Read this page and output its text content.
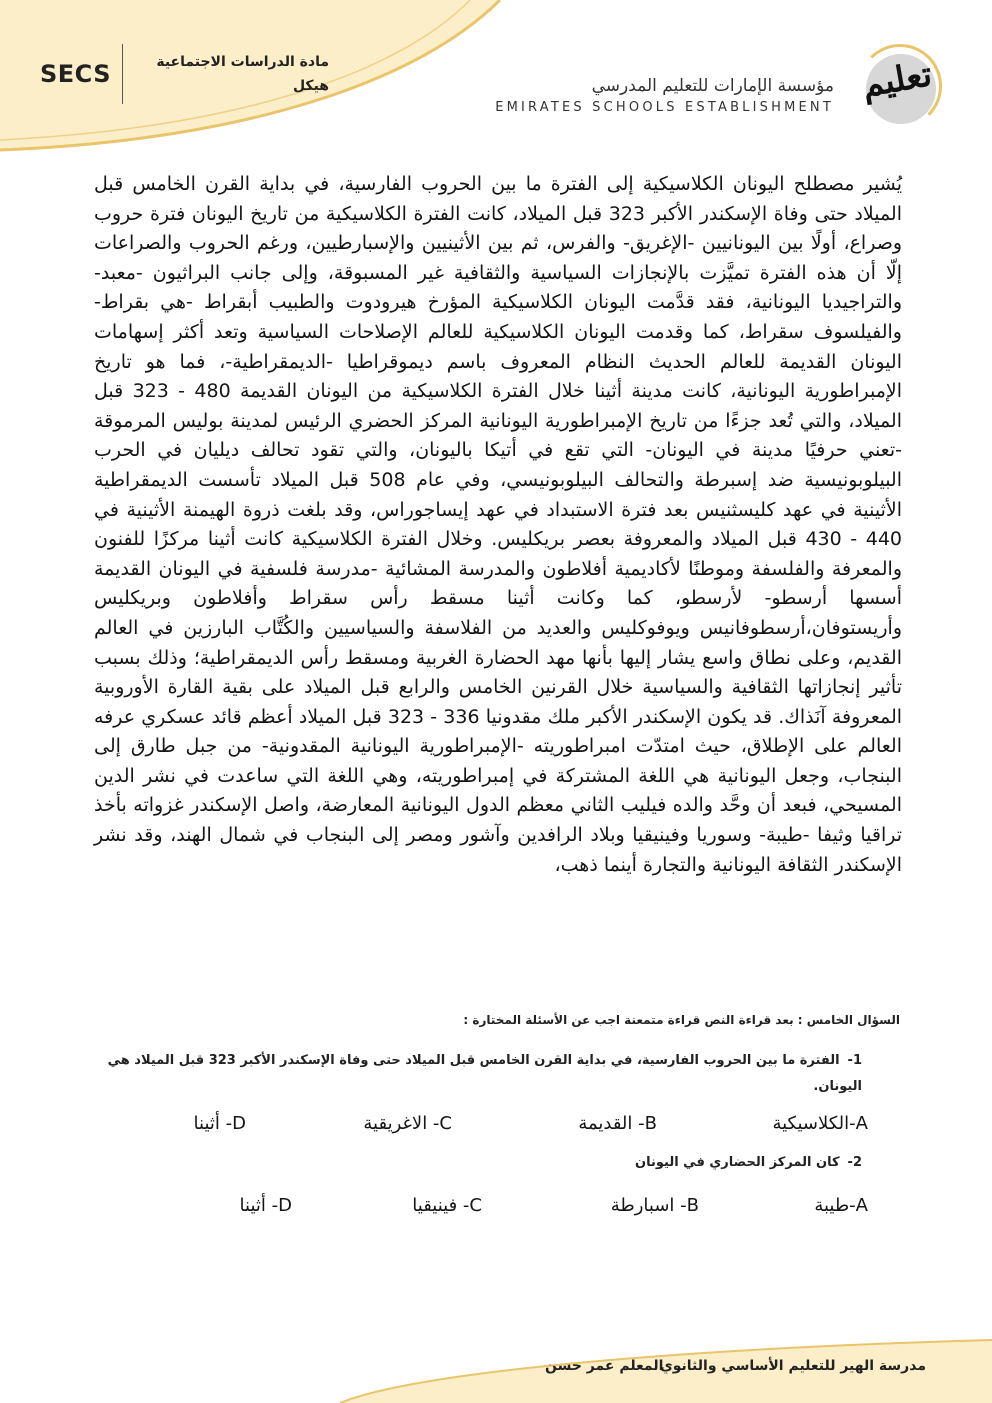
SECS	مادة الدراسات الاجتماعية
هيكل	تعليم
مؤسسة الإمارات للتعليم المدرسي
EMIRATES SCHOOLS ESTABLISHMENT

يُشير مصطلح اليونان الكلاسيكية إلى الفترة ما بين الحروب الفارسية، في بداية القرن الخامس قبل الميلاد حتى وفاة الإسكندر الأكبر 323 قبل الميلاد، كانت الفترة الكلاسيكية من تاريخ اليونان فترة حروب وصراع، أولًا بين اليونانيين -الإغريق- والفرس، ثم بين الأثينيين والإسبارطيين، ورغم الحروب والصراعات إلّا أن هذه الفترة تميَّزت بالإنجازات السياسية والثقافية غير المسبوقة، وإلى جانب البراثيون -معبد- والتراجيديا اليونانية، فقد قدَّمت اليونان الكلاسيكية المؤرخ هيرودوت والطبيب أبقراط -هي بقراط- والفيلسوف سقراط، كما وقدمت اليونان الكلاسيكية للعالم الإصلاحات السياسية وتعد أكثر إسهامات اليونان القديمة للعالم الحديث النظام المعروف باسم ديموقراطيا -الديمقراطية-، فما هو تاريخ الإمبراطورية اليونانية، كانت مدينة أثينا خلال الفترة الكلاسيكية من اليونان القديمة 480 - 323 قبل الميلاد، والتي تُعد جزءًا من تاريخ الإمبراطورية اليونانية المركز الحضري الرئيس لمدينة بوليس المرموقة -تعني حرفيًا مدينة في اليونان- التي تقع في أتيكا باليونان، والتي تقود تحالف ديليان في الحرب البيلوبونيسية ضد إسبرطة والتحالف البيلوبونيسي، وفي عام 508 قبل الميلاد تأسست الديمقراطية الأثينية في عهد كليسثنيس بعد فترة الاستبداد في عهد إيساجوراس، وقد بلغت ذروة الهيمنة الأثينية في 440 - 430 قبل الميلاد والمعروفة بعصر بريكليس. وخلال الفترة الكلاسيكية كانت أثينا مركزًا للفنون والمعرفة والفلسفة وموطنًا لأكاديمية أفلاطون والمدرسة المشائية -مدرسة فلسفية في اليونان القديمة أسسها أرسطو- لأرسطو، كما وكانت أثينا مسقط رأس سقراط وأفلاطون وبريكليس وأريستوفان،أرسطوفانيس ويوفوكليس والعديد من الفلاسفة والسياسيين والكُتَّاب البارزين في العالم القديم، وعلى نطاق واسع يشار إليها بأنها مهد الحضارة الغربية ومسقط رأس الديمقراطية؛ وذلك بسبب تأثير إنجازاتها الثقافية والسياسية خلال القرنين الخامس والرابع قبل الميلاد على بقية القارة الأوروبية المعروفة آنَذاك. قد يكون الإسكندر الأكبر ملك مقدونيا 336 - 323 قبل الميلاد أعظم قائد عسكري عرفه العالم على الإطلاق، حيث امتدّت امبراطوريته -الإمبراطورية اليونانية المقدونية- من جبل طارق إلى البنجاب، وجعل اليونانية هي اللغة المشتركة في إمبراطوريته، وهي اللغة التي ساعدت في نشر الدين المسيحي، فبعد أن وحَّد والده فيليب الثاني معظم الدول اليونانية المعارضة، واصل الإسكندر غزواته بأخذ تراقيا وثيفا -طيبة- وسوريا وفينيقيا وبلاد الرافدين وآشور ومصر إلى البنجاب في شمال الهند، وقد نشر الإسكندر الثقافة اليونانية والتجارة أينما ذهب،

السؤال الخامس : بعد قراءة النص قراءة متمعنة اجب عن الأسئلة المختارة :
1-الفترة ما بين الحروب الفارسية، في بداية القرن الخامس قبل الميلاد حتى وفاة الإسكندر الأكبر 323 قبل الميلاد هي اليونان.
A-الكلاسيكية
B- القديمة
C- الاغريقية
D- أثينا
2-كان المركز الحضاري في اليونان
A-طيبة
B- اسبارطة
C- فينيقيا
D- أثينا
مدرسة الهير للتعليم الأساسي والثانوي
المعلم عمر حسن
